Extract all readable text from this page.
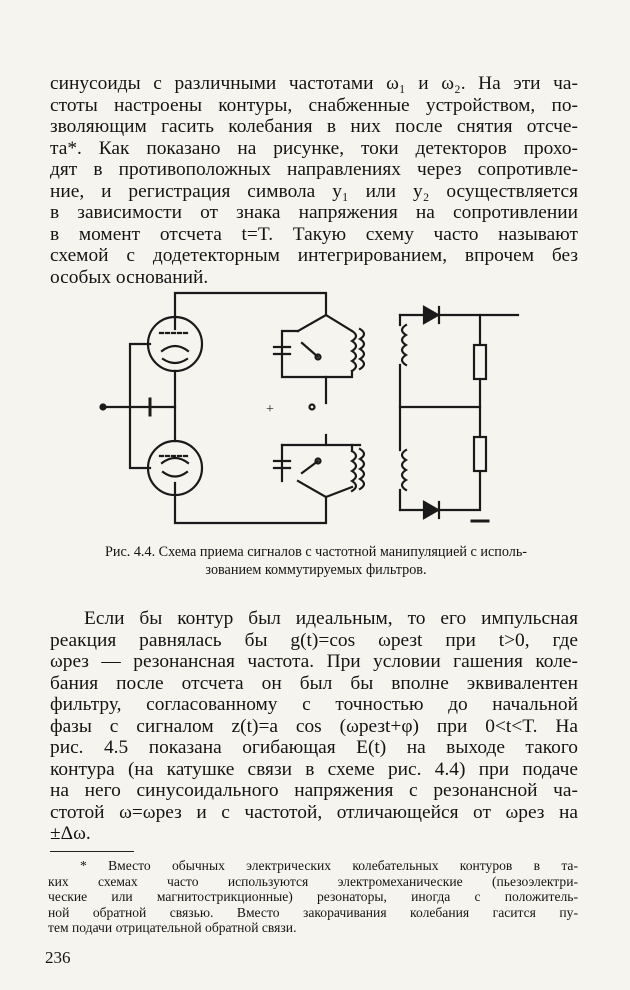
синусоиды с различными частотами ω₁ и ω₂. На эти ча-
стоты настроены контуры, снабженные устройством, по-
зволяющим гасить колебания в них после снятия отсче-
та*. Как показано на рисунке, токи детекторов прохо-
дят в противоположных направлениях через сопротивле-
ние, и регистрация символа y₁ или y₂ осуществляется
в зависимости от знака напряжения на сопротивлении
в момент отсчета t=T. Такую схему часто называют
схемой с додетекторным интегрированием, впрочем без
особых оснований.
+
Рис. 4.4. Схема приема сигналов с частотной манипуляцией с исполь-
зованием коммутируемых фильтров.
Если бы контур был идеальным, то его импульсная
реакция равнялась бы g(t)=cos ωрезt при t>0, где
ωрез — резонансная частота. При условии гашения коле-
бания после отсчета он был бы вполне эквивалентен
фильтру, согласованному с точностью до начальной
фазы с сигналом z(t)=a cos (ωрезt+φ) при 0<t<T. На
рис. 4.5 показана огибающая E(t) на выходе такого
контура (на катушке связи в схеме рис. 4.4) при подаче
на него синусоидального напряжения с резонансной ча-
стотой ω=ωрез и с частотой, отличающейся от ωрез на
±Δω.
* Вместо обычных электрических колебательных контуров в та-
ких схемах часто используются электромеханические (пьезоэлектри-
ческие или магнитострикционные) резонаторы, иногда с положитель-
ной обратной связью. Вместо закорачивания колебания гасится пу-
тем подачи отрицательной обратной связи.
236
